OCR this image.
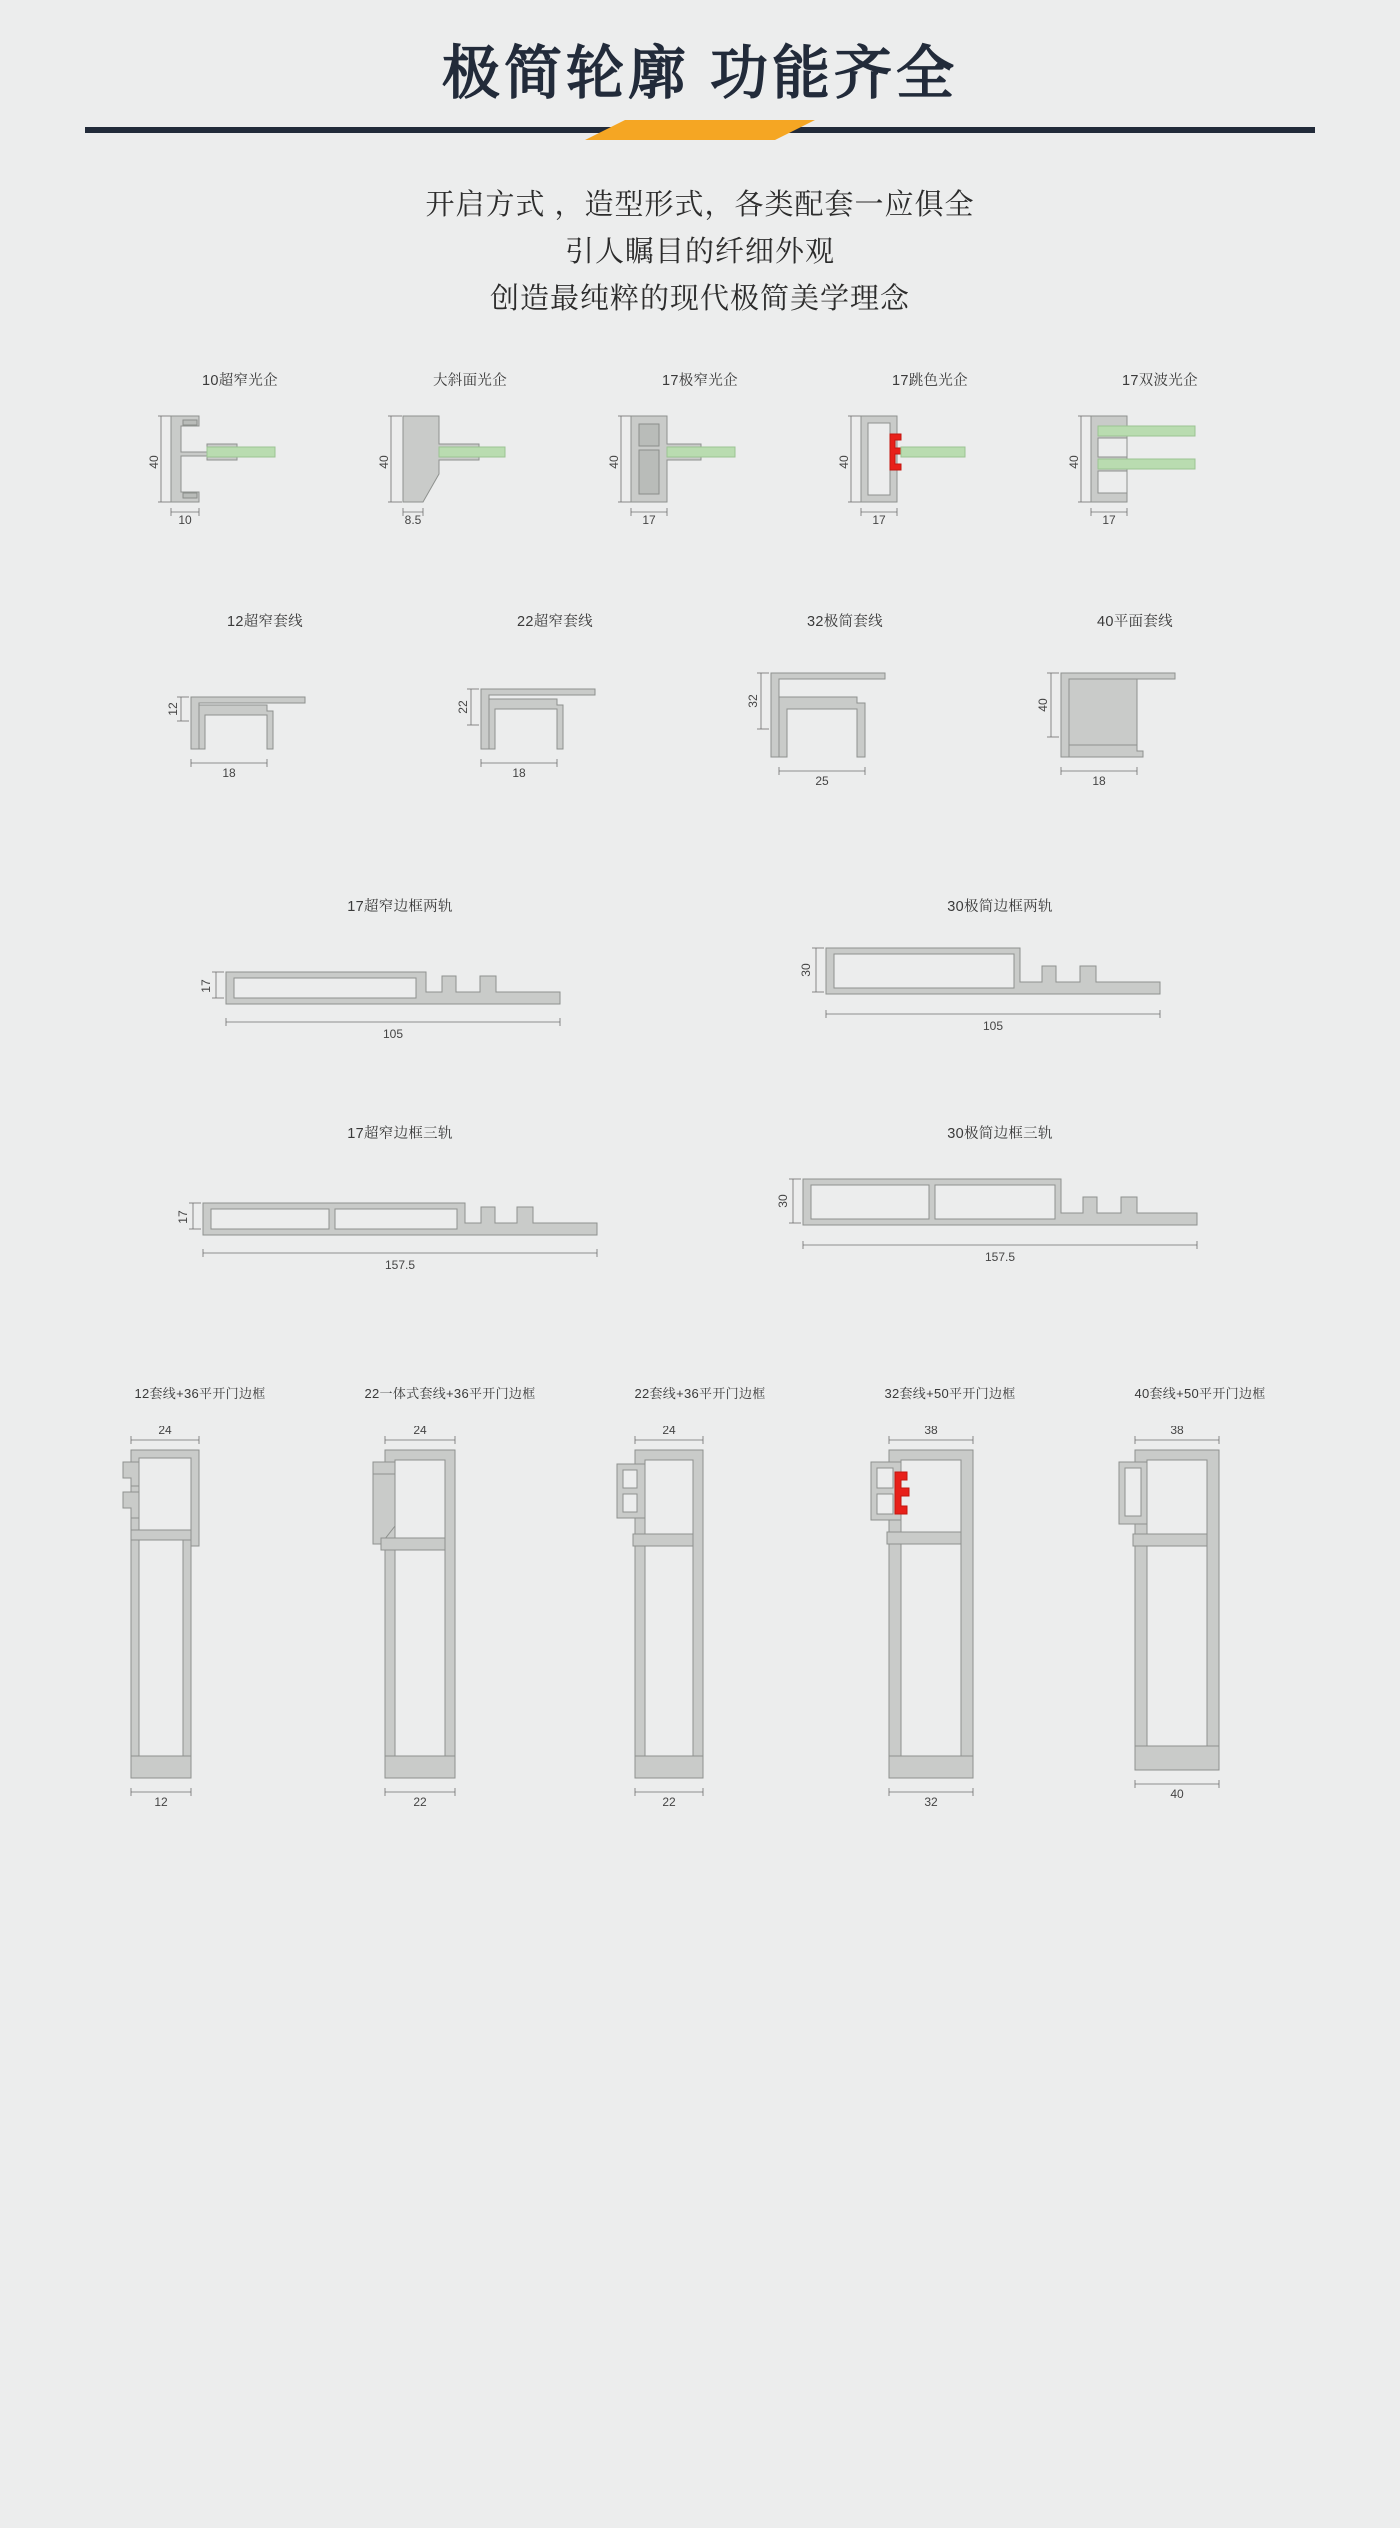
极简轮廓 功能齐全
开启方式 ，造型形式，各类配套一应俱全
引人瞩目的纤细外观
创造最纯粹的现代极简美学理念
10超窄光企
40
10
大斜面光企
40
8.5
17极窄光企
40
17
17跳色光企
40
17
17双波光企
40
17
12超窄套线
12
18
22超窄套线
22
18
32极简套线
32
25
40平面套线
40
18
17超窄边框两轨
17
105
30极简边框两轨
30
105
17超窄边框三轨
17
157.5
30极简边框三轨
30
157.5
12套线+36平开门边框
24
12
22一体式套线+36平开门边框
24
22
22套线+36平开门边框
24
22
32套线+50平开门边框
38
32
40套线+50平开门边框
38
40
